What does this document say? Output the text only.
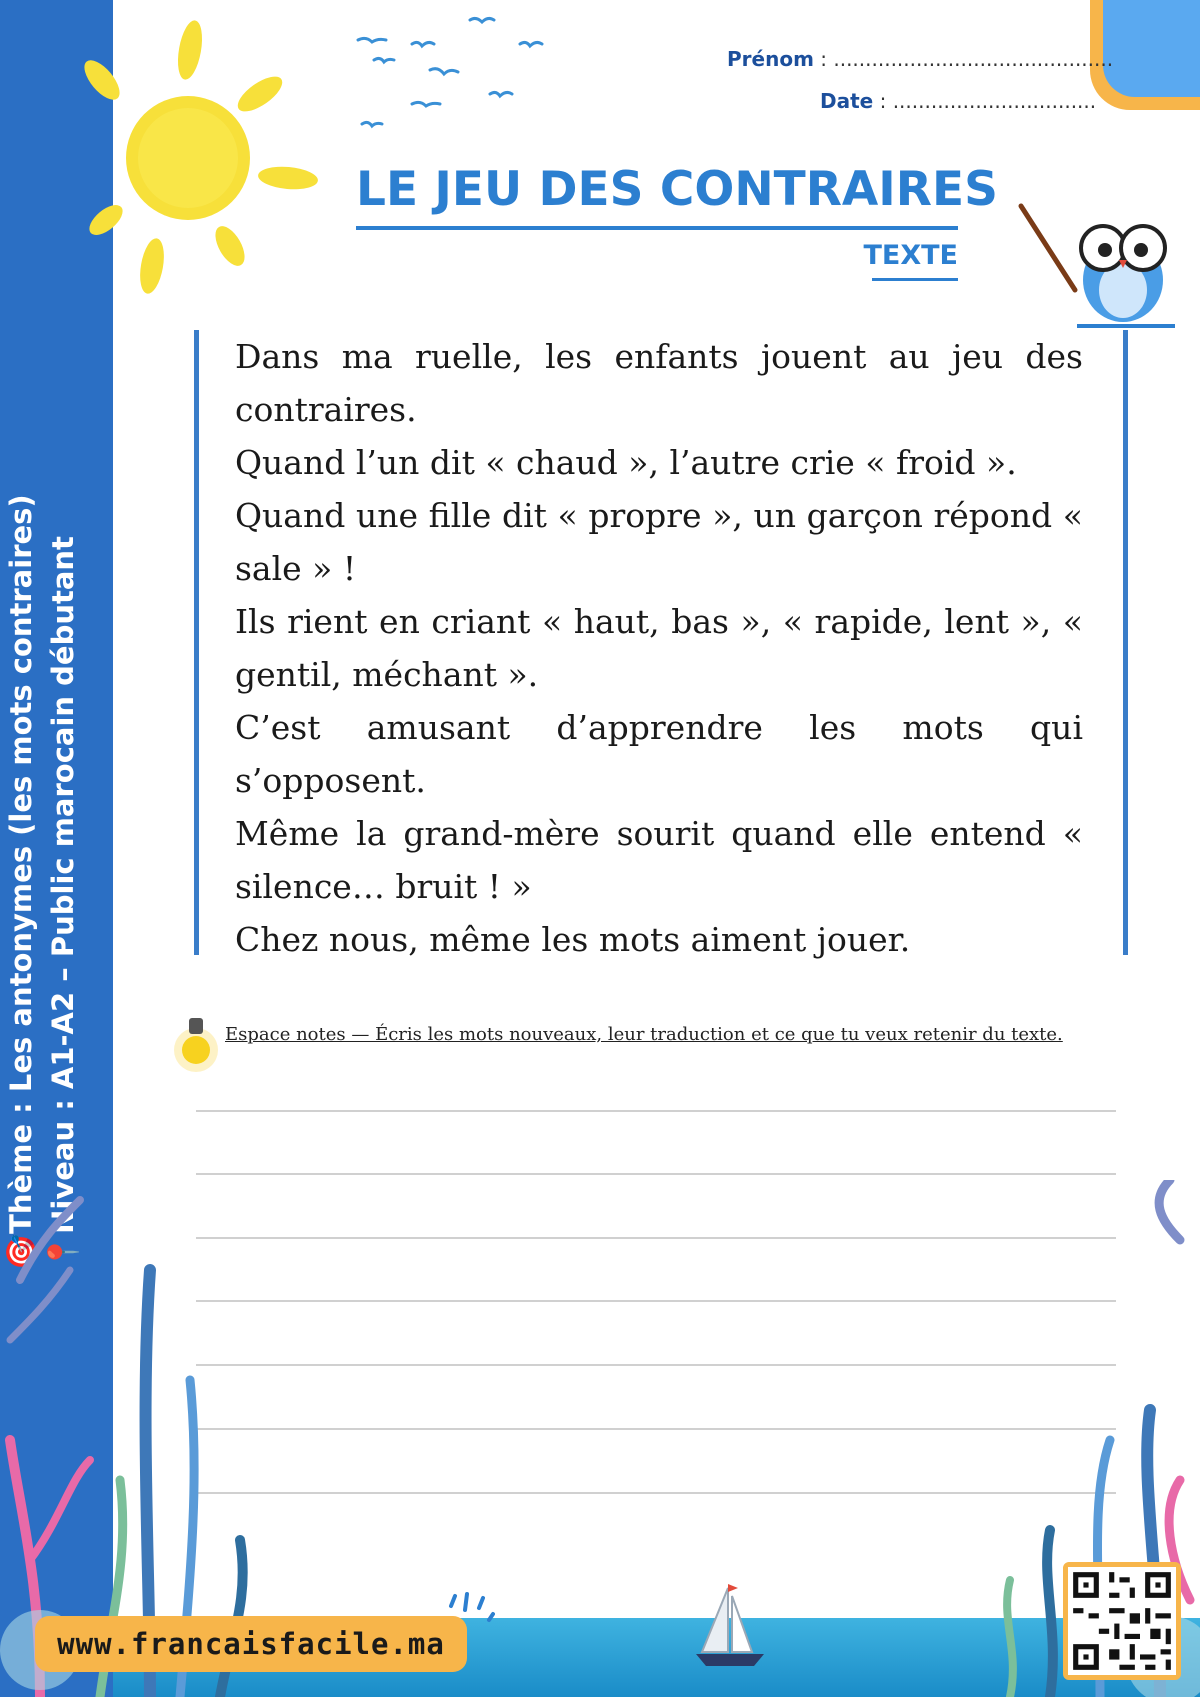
🎯Thème : Les antonymes (les mots contraires) 📍Niveau : A1-A2 – Public marocain débutant
Prénom : ............................................
Date : ................................
LE JEU DES CONTRAIRES
TEXTE

Dans ma ruelle, les enfants jouent au jeu des contraires.

Quand l’un dit « chaud », l’autre crie « froid ».

Quand une fille dit « propre », un garçon répond « sale » !

Ils rient en criant « haut, bas », « rapide, lent », « gentil, méchant ».

C’est amusant d’apprendre les mots qui s’opposent.

Même la grand-mère sourit quand elle entend « silence… bruit ! »

Chez nous, même les mots aiment jouer.

Espace notes — Écris les mots nouveaux, leur traduction et ce que tu veux retenir du texte.
www.francaisfacile.ma
